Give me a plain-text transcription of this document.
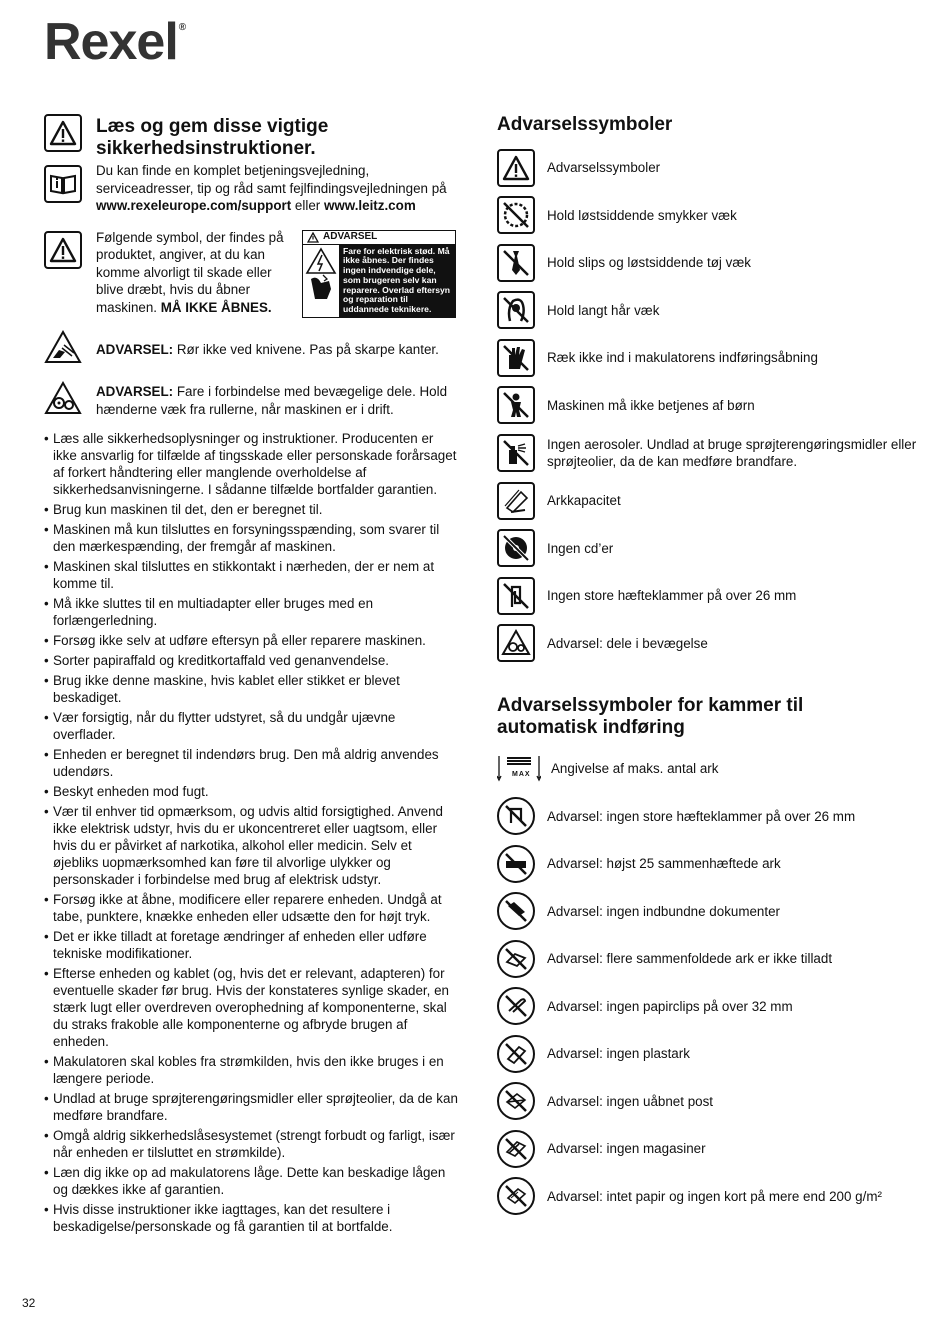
Rexel®
Læs og gem disse vigtige sikkerhedsinstruktioner.
Du kan finde en komplet betjeningsvejledning, serviceadresser, tip og råd samt fejlfindingsvejledningen på
www.rexeleurope.com/support eller www.leitz.com
Følgende symbol, der findes på produktet, angiver, at du kan komme alvorligt til skade eller blive dræbt, hvis du åbner maskinen. MÅ IKKE ÅBNES.
ADVARSEL
Fare for elektrisk stød. Må ikke åbnes. Der findes ingen indvendige dele, som brugeren selv kan reparere. Overlad eftersyn og reparation til uddannede teknikere.
ADVARSEL: Rør ikke ved knivene. Pas på skarpe kanter.
ADVARSEL: Fare i forbindelse med bevægelige dele. Hold hænderne væk fra rullerne, når maskinen er i drift.
• Læs alle sikkerhedsoplysninger og instruktioner. Producenten er ikke ansvarlig for tilfælde af tingsskade eller personskade forårsaget af forkert håndtering eller manglende overholdelse af sikkerhedsanvisningerne. I sådanne tilfælde bortfalder garantien.
• Brug kun maskinen til det, den er beregnet til.
• Maskinen må kun tilsluttes en forsyningsspænding, som svarer til den mærkespænding, der fremgår af maskinen.
• Maskinen skal tilsluttes en stikkontakt i nærheden, der er nem at komme til.
• Må ikke sluttes til en multiadapter eller bruges med en forlængerledning.
• Forsøg ikke selv at udføre eftersyn på eller reparere maskinen.
• Sorter papiraffald og kreditkortaffald ved genanvendelse.
• Brug ikke denne maskine, hvis kablet eller stikket er blevet beskadiget.
• Vær forsigtig, når du flytter udstyret, så du undgår ujævne overflader.
• Enheden er beregnet til indendørs brug. Den må aldrig anvendes udendørs.
• Beskyt enheden mod fugt.
• Vær til enhver tid opmærksom, og udvis altid forsigtighed. Anvend ikke elektrisk udstyr, hvis du er ukoncentreret eller uagtsom, eller hvis du er påvirket af narkotika, alkohol eller medicin. Selv et øjebliks uopmærksomhed kan føre til alvorlige ulykker og personskader i forbindelse med brug af elektrisk udstyr.
• Forsøg ikke at åbne, modificere eller reparere enheden. Undgå at tabe, punktere, knække enheden eller udsætte den for højt tryk.
• Det er ikke tilladt at foretage ændringer af enheden eller udføre tekniske modifikationer.
• Efterse enheden og kablet (og, hvis det er relevant, adapteren) for eventuelle skader før brug. Hvis der konstateres synlige skader, en stærk lugt eller overdreven overophedning af komponenterne, skal du straks frakoble alle komponenterne og afbryde brugen af enheden.
• Makulatoren skal kobles fra strømkilden, hvis den ikke bruges i en længere periode.
• Undlad at bruge sprøjterengøringsmidler eller sprøjteolier, da de kan medføre brandfare.
• Omgå aldrig sikkerhedslåsesystemet (strengt forbudt og farligt, især når enheden er tilsluttet en strømkilde).
• Læn dig ikke op ad makulatorens låge. Dette kan beskadige lågen og dækkes ikke af garantien.
• Hvis disse instruktioner ikke iagttages, kan det resultere i beskadigelse/personskade og få garantien til at bortfalde.
Advarselssymboler
Advarselssymboler
Hold løstsiddende smykker væk
Hold slips og løstsiddende tøj væk
Hold langt hår væk
Ræk ikke ind i makulatorens indføringsåbning
Maskinen må ikke betjenes af børn
Ingen aerosoler. Undlad at bruge sprøjterengøringsmidler eller sprøjteolier, da de kan medføre brandfare.
Arkkapacitet
Ingen cd’er
Ingen store hæfteklammer på over 26 mm
Advarsel: dele i bevægelse
Advarselssymboler for kammer til automatisk indføring
MAX Angivelse af maks. antal ark
Advarsel: ingen store hæfteklammer på over 26 mm
Advarsel: højst 25 sammenhæftede ark
Advarsel: ingen indbundne dokumenter
Advarsel: flere sammenfoldede ark er ikke tilladt
Advarsel: ingen papirclips på over 32 mm
Advarsel: ingen plastark
Advarsel: ingen uåbnet post
Advarsel: ingen magasiner
Advarsel: intet papir og ingen kort på mere end 200 g/m²
32
